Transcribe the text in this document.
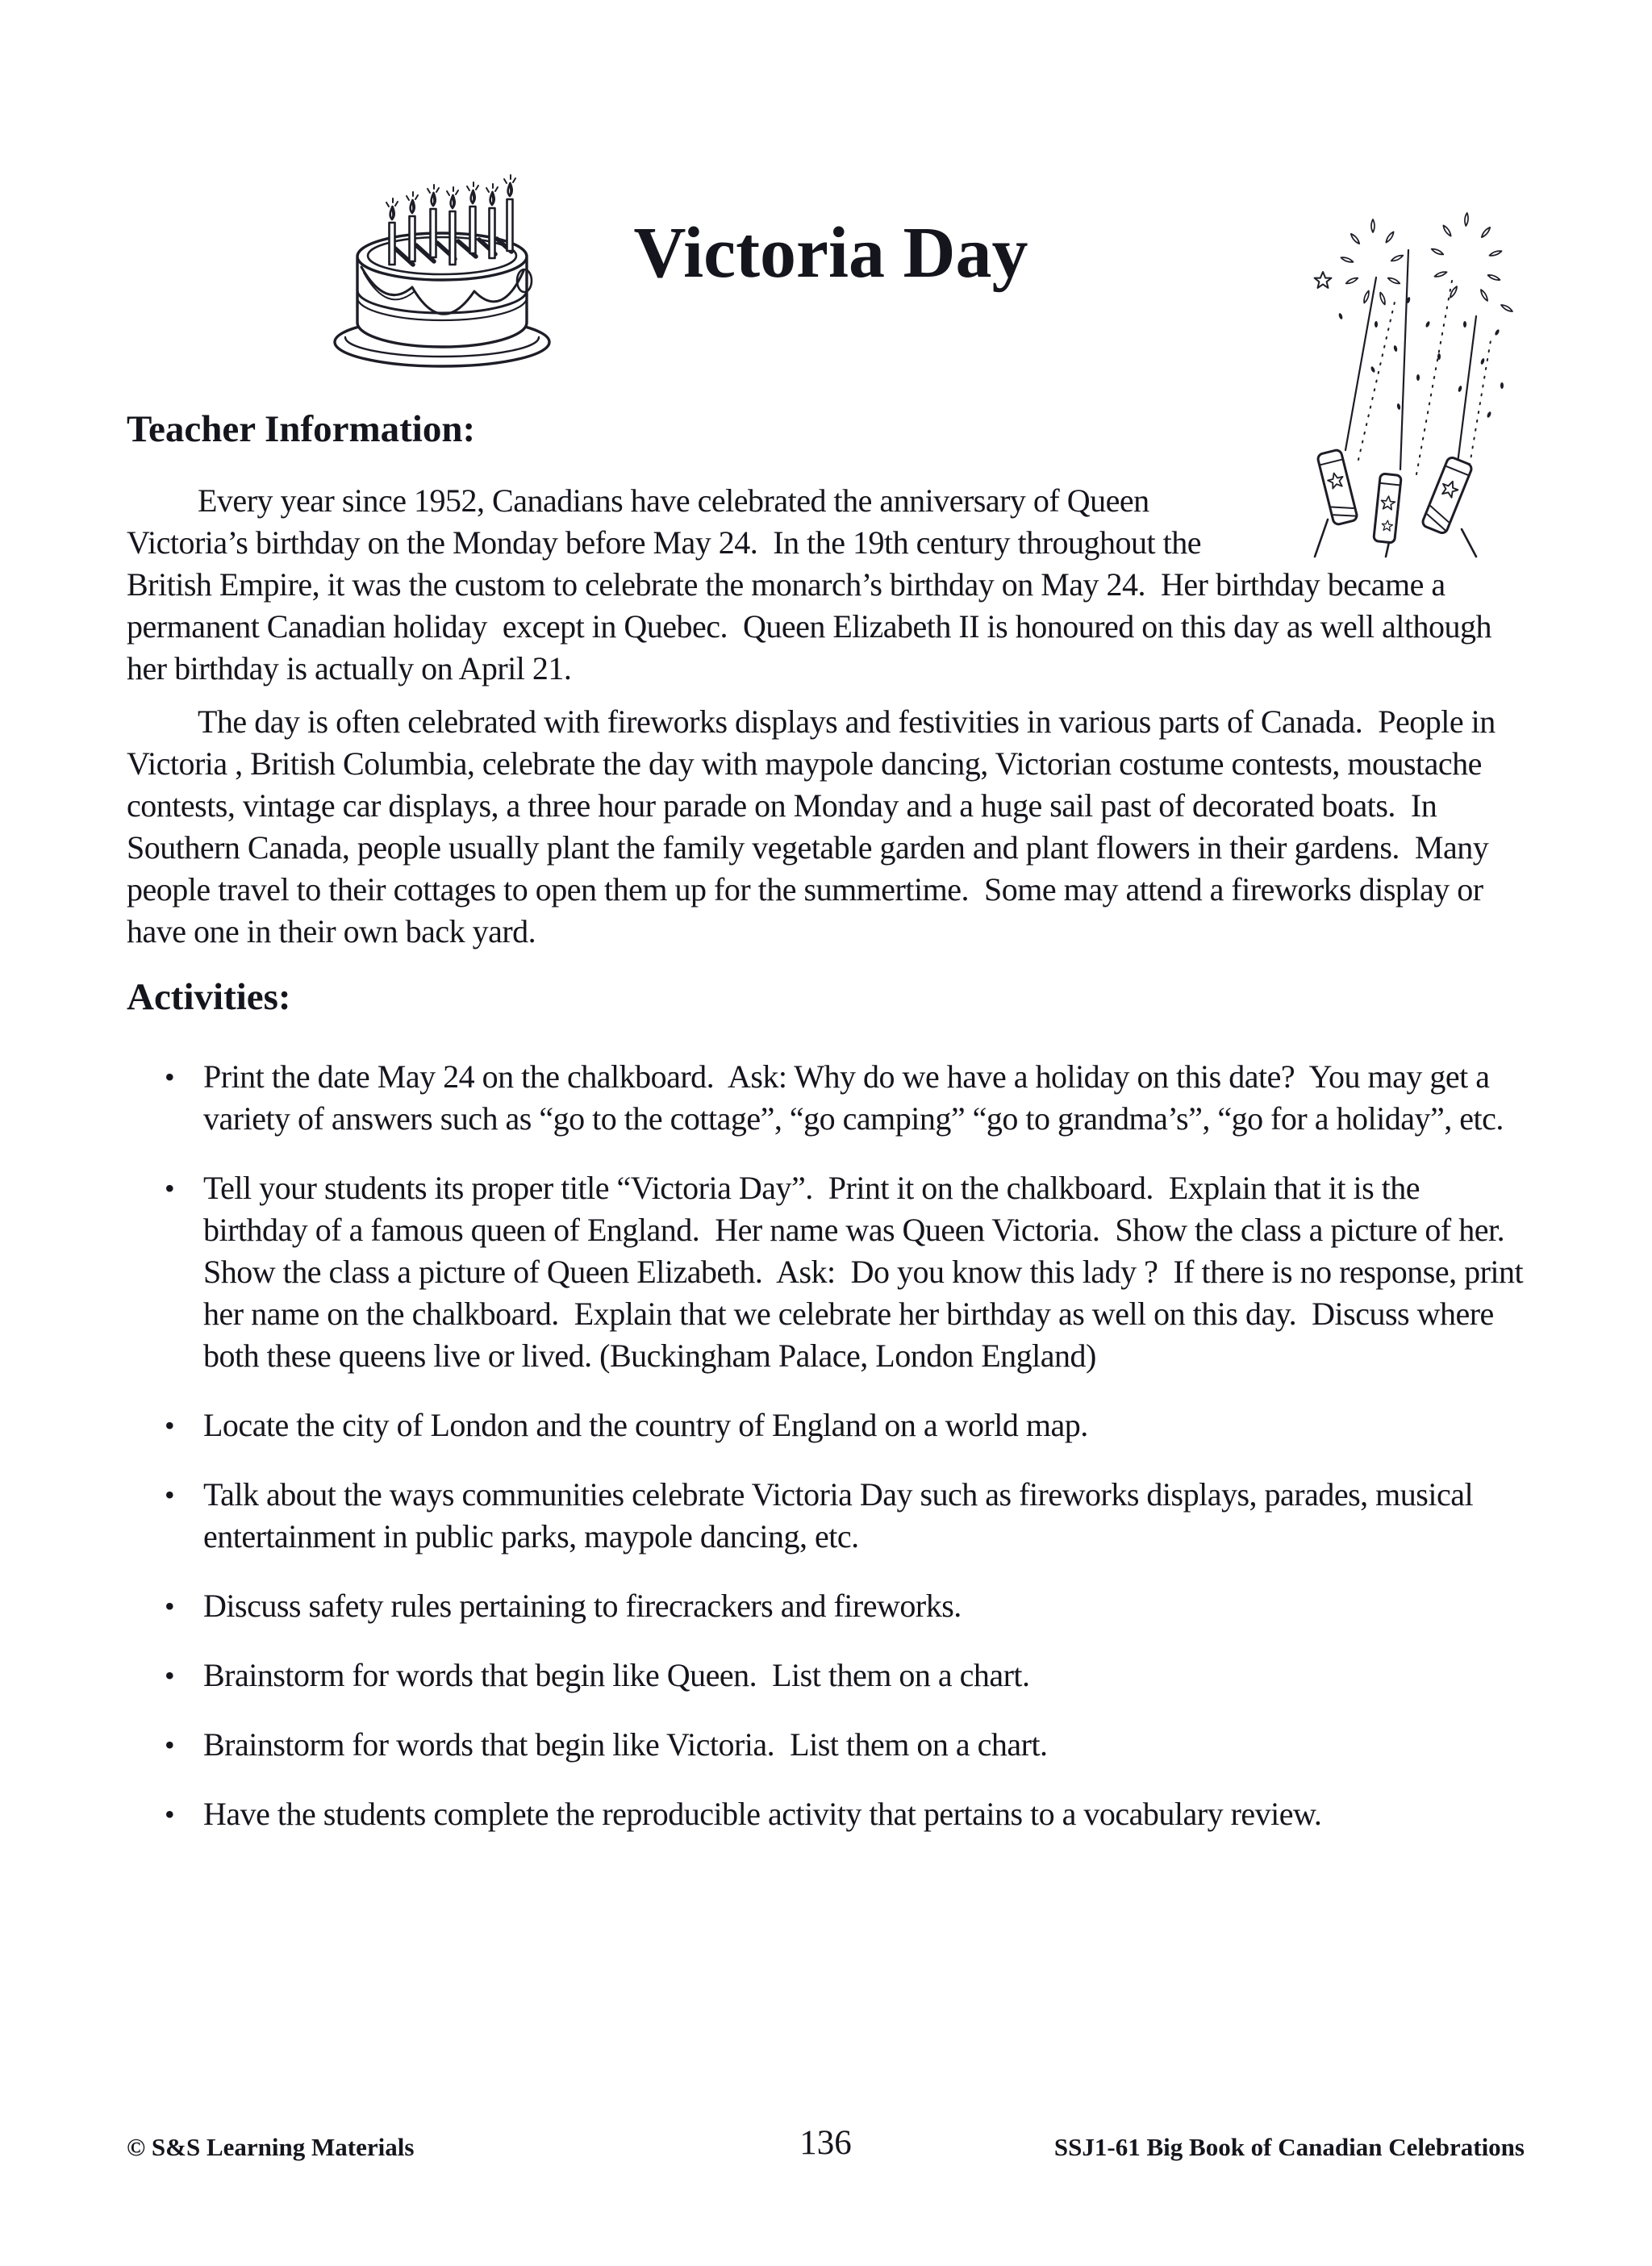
Victoria Day
Teacher Information:

Every year since 1952, Canadians have celebrated the anniversary of Queen Victoria’s birthday on the Monday before May 24.  In the 19th century throughout the British Empire, it was the custom to celebrate the monarch’s birthday on May 24.  Her birthday became a permanent Canadian holiday  except in Quebec.  Queen Elizabeth II is honoured on this day as well although her birthday is actually on April 21.

The day is often celebrated with fireworks displays and festivities in various parts of Canada.  People in Victoria , British Columbia, celebrate the day with maypole dancing, Victorian costume contests, moustache contests, vintage car displays, a three hour parade on Monday and a huge sail past of decorated boats.  In Southern Canada, people usually plant the family vegetable garden and plant flowers in their gardens.  Many people travel to their cottages to open them up for the summertime.  Some may attend a fireworks display or have one in their own back yard.

Activities:
• Print the date May 24 on the chalkboard.  Ask: Why do we have a holiday on this date?  You may get a variety of answers such as “go to the cottage”, “go camping” “go to grandma’s”, “go for a holiday”, etc.
• Tell your students its proper title “Victoria Day”.  Print it on the chalkboard.  Explain that it is the birthday of a famous queen of England.  Her name was Queen Victoria.  Show the class a picture of her.  Show the class a picture of Queen Elizabeth.  Ask:  Do you know this lady ?  If there is no response, print her name on the chalkboard.  Explain that we celebrate her birthday as well on this day.  Discuss where both these queens live or lived. (Buckingham Palace, London England)
• Locate the city of London and the country of England on a world map.
• Talk about the ways communities celebrate Victoria Day such as fireworks displays, parades, musical entertainment in public parks, maypole dancing, etc.
• Discuss safety rules pertaining to firecrackers and fireworks.
• Brainstorm for words that begin like Queen.  List them on a chart.
• Brainstorm for words that begin like Victoria.  List them on a chart.
• Have the students complete the reproducible activity that pertains to a vocabulary review.
© S&S Learning Materials	136	SSJ1-61 Big Book of Canadian Celebrations
